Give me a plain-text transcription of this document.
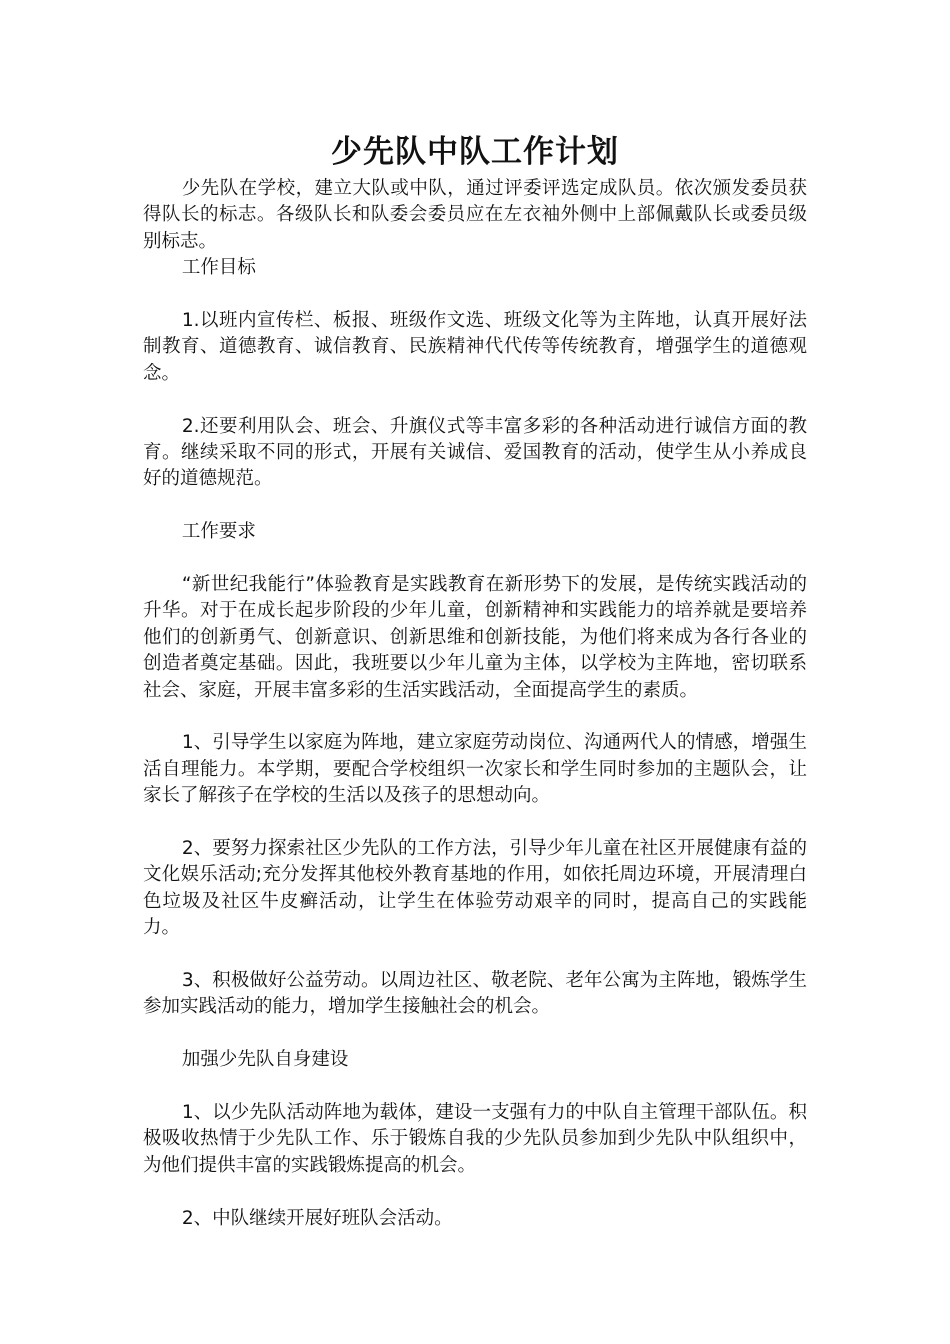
少先队中队工作计划

少先队在学校，建立大队或中队，通过评委评选定成队员。依次颁发委员获得队长的标志。各级队长和队委会委员应在左衣袖外侧中上部佩戴队长或委员级别标志。

工作目标

1.以班内宣传栏、板报、班级作文选、班级文化等为主阵地，认真开展好法制教育、道德教育、诚信教育、民族精神代代传等传统教育，增强学生的道德观念。

2.还要利用队会、班会、升旗仪式等丰富多彩的各种活动进行诚信方面的教育。继续采取不同的形式，开展有关诚信、爱国教育的活动，使学生从小养成良好的道德规范。

工作要求

“新世纪我能行”体验教育是实践教育在新形势下的发展，是传统实践活动的升华。对于在成长起步阶段的少年儿童，创新精神和实践能力的培养就是要培养他们的创新勇气、创新意识、创新思维和创新技能，为他们将来成为各行各业的创造者奠定基础。因此，我班要以少年儿童为主体，以学校为主阵地，密切联系社会、家庭，开展丰富多彩的生活实践活动，全面提高学生的素质。

1、引导学生以家庭为阵地，建立家庭劳动岗位、沟通两代人的情感，增强生活自理能力。本学期，要配合学校组织一次家长和学生同时参加的主题队会，让家长了解孩子在学校的生活以及孩子的思想动向。

2、要努力探索社区少先队的工作方法，引导少年儿童在社区开展健康有益的文化娱乐活动;充分发挥其他校外教育基地的作用，如依托周边环境，开展清理白色垃圾及社区牛皮癣活动，让学生在体验劳动艰辛的同时，提高自己的实践能力。

3、积极做好公益劳动。以周边社区、敬老院、老年公寓为主阵地，锻炼学生参加实践活动的能力，增加学生接触社会的机会。

加强少先队自身建设

1、以少先队活动阵地为载体，建设一支强有力的中队自主管理干部队伍。积极吸收热情于少先队工作、乐于锻炼自我的少先队员参加到少先队中队组织中，为他们提供丰富的实践锻炼提高的机会。

2、中队继续开展好班队会活动。
